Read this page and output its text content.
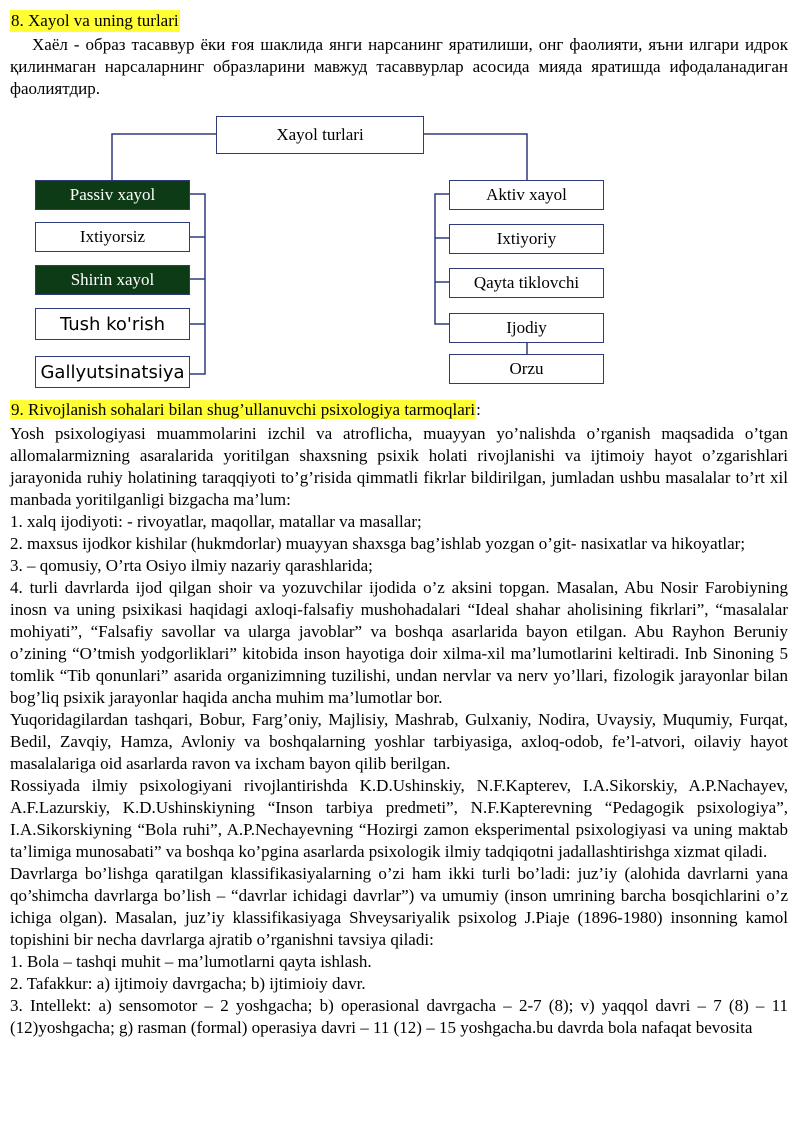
8. Xayol va uning turlari

Хаёл - образ тасаввур ёки ғоя шаклида янги нарсанинг яратилиши, онг фаолияти, яъни илгари идрок қилинмаган нарсаларнинг образларини мавжуд тасаввурлар асосида мияда яратишда ифодаланадиган фаолиятдир.

Xayol turlari
Passiv xayol
Ixtiyorsiz
Shirin xayol
Tush ko'rish
Gallyutsinatsiya
Aktiv xayol
Ixtiyoriy
Qayta tiklovchi
Ijodiy
Orzu
9. Rivojlanish sohalari bilan shug’ullanuvchi psixologiya tarmoqlari:

Yosh psixologiyasi muammolarini izchil va atroflicha, muayyan yo’nalishda o’rganish maqsadida o’tgan allomalarmizning asaralarida yoritilgan shaxsning psixik holati rivojlanishi va ijtimoiy hayot o’zgarishlari jarayonida ruhiy holatining taraqqiyoti to’g’risida qimmatli fikrlar bildirilgan, jumladan ushbu masalalar to’rt xil manbada yoritilganligi bizgacha ma’lum:

1. xalq ijodiyoti: - rivoyatlar, maqollar, matallar va masallar;

2. maxsus ijodkor kishilar (hukmdorlar) muayyan shaxsga bag’ishlab yozgan o’git- nasixatlar va hikoyatlar;

3. – qomusiy, O’rta Osiyo ilmiy nazariy qarashlarida;

4. turli davrlarda ijod qilgan shoir va yozuvchilar ijodida o’z aksini topgan. Masalan, Abu Nosir Farobiyning inosn va uning psixikasi haqidagi axloqi-falsafiy mushohadalari “Ideal shahar aholisining fikrlari”, “masalalar mohiyati”, “Falsafiy savollar va ularga javoblar” va boshqa asarlarida bayon etilgan. Abu Rayhon Beruniy o’zining “O’tmish yodgorliklari” kitobida inson hayotiga doir xilma-xil ma’lumotlarini keltiradi. Inb Sinoning 5 tomlik “Tib qonunlari” asarida organizimning tuzilishi, undan nervlar va nerv yo’llari, fizologik jarayonlar bilan bog’liq psixik jarayonlar haqida ancha muhim ma’lumotlar bor.

Yuqoridagilardan tashqari, Bobur, Farg’oniy, Majlisiy, Mashrab, Gulxaniy, Nodira, Uvaysiy, Muqumiy, Furqat, Bedil, Zavqiy, Hamza, Avloniy va boshqalarning yoshlar tarbiyasiga, axloq-odob, fe’l-atvori, oilaviy hayot masalalariga oid asarlarda ravon va ixcham bayon qilib berilgan.

Rossiyada ilmiy psixologiyani rivojlantirishda K.D.Ushinskiy, N.F.Kapterev, I.A.Sikorskiy, A.P.Nachayev, A.F.Lazurskiy, K.D.Ushinskiyning “Inson tarbiya predmeti”, N.F.Kapterevning “Pedagogik psixologiya”, I.A.Sikorskiyning “Bola ruhi”, A.P.Nechayevning “Hozirgi zamon eksperimental psixologiyasi va uning maktab ta’limiga munosabati” va boshqa ko’pgina asarlarda psixologik ilmiy tadqiqotni jadallashtirishga xizmat qiladi.

Davrlarga bo’lishga qaratilgan klassifikasiyalarning o’zi ham ikki turli bo’ladi: juz’iy (alohida davrlarni yana qo’shimcha davrlarga bo’lish – “davrlar ichidagi davrlar”) va umumiy (inson umrining barcha bosqichlarini o’z ichiga olgan). Masalan, juz’iy klassifikasiyaga Shveysariyalik psixolog J.Piaje (1896-1980) insonning kamol topishini bir necha davrlarga ajratib o’rganishni tavsiya qiladi:

1. Bola – tashqi muhit – ma’lumotlarni qayta ishlash.

2. Tafakkur: a) ijtimoiy davrgacha; b) ijtimioiy davr.

3. Intellekt: a) sensomotor – 2 yoshgacha; b) operasional davrgacha – 2-7 (8); v) yaqqol davri – 7 (8) – 11 (12)yoshgacha; g) rasman (formal) operasiya davri – 11 (12) – 15 yoshgacha.bu davrda bola nafaqat bevosita
